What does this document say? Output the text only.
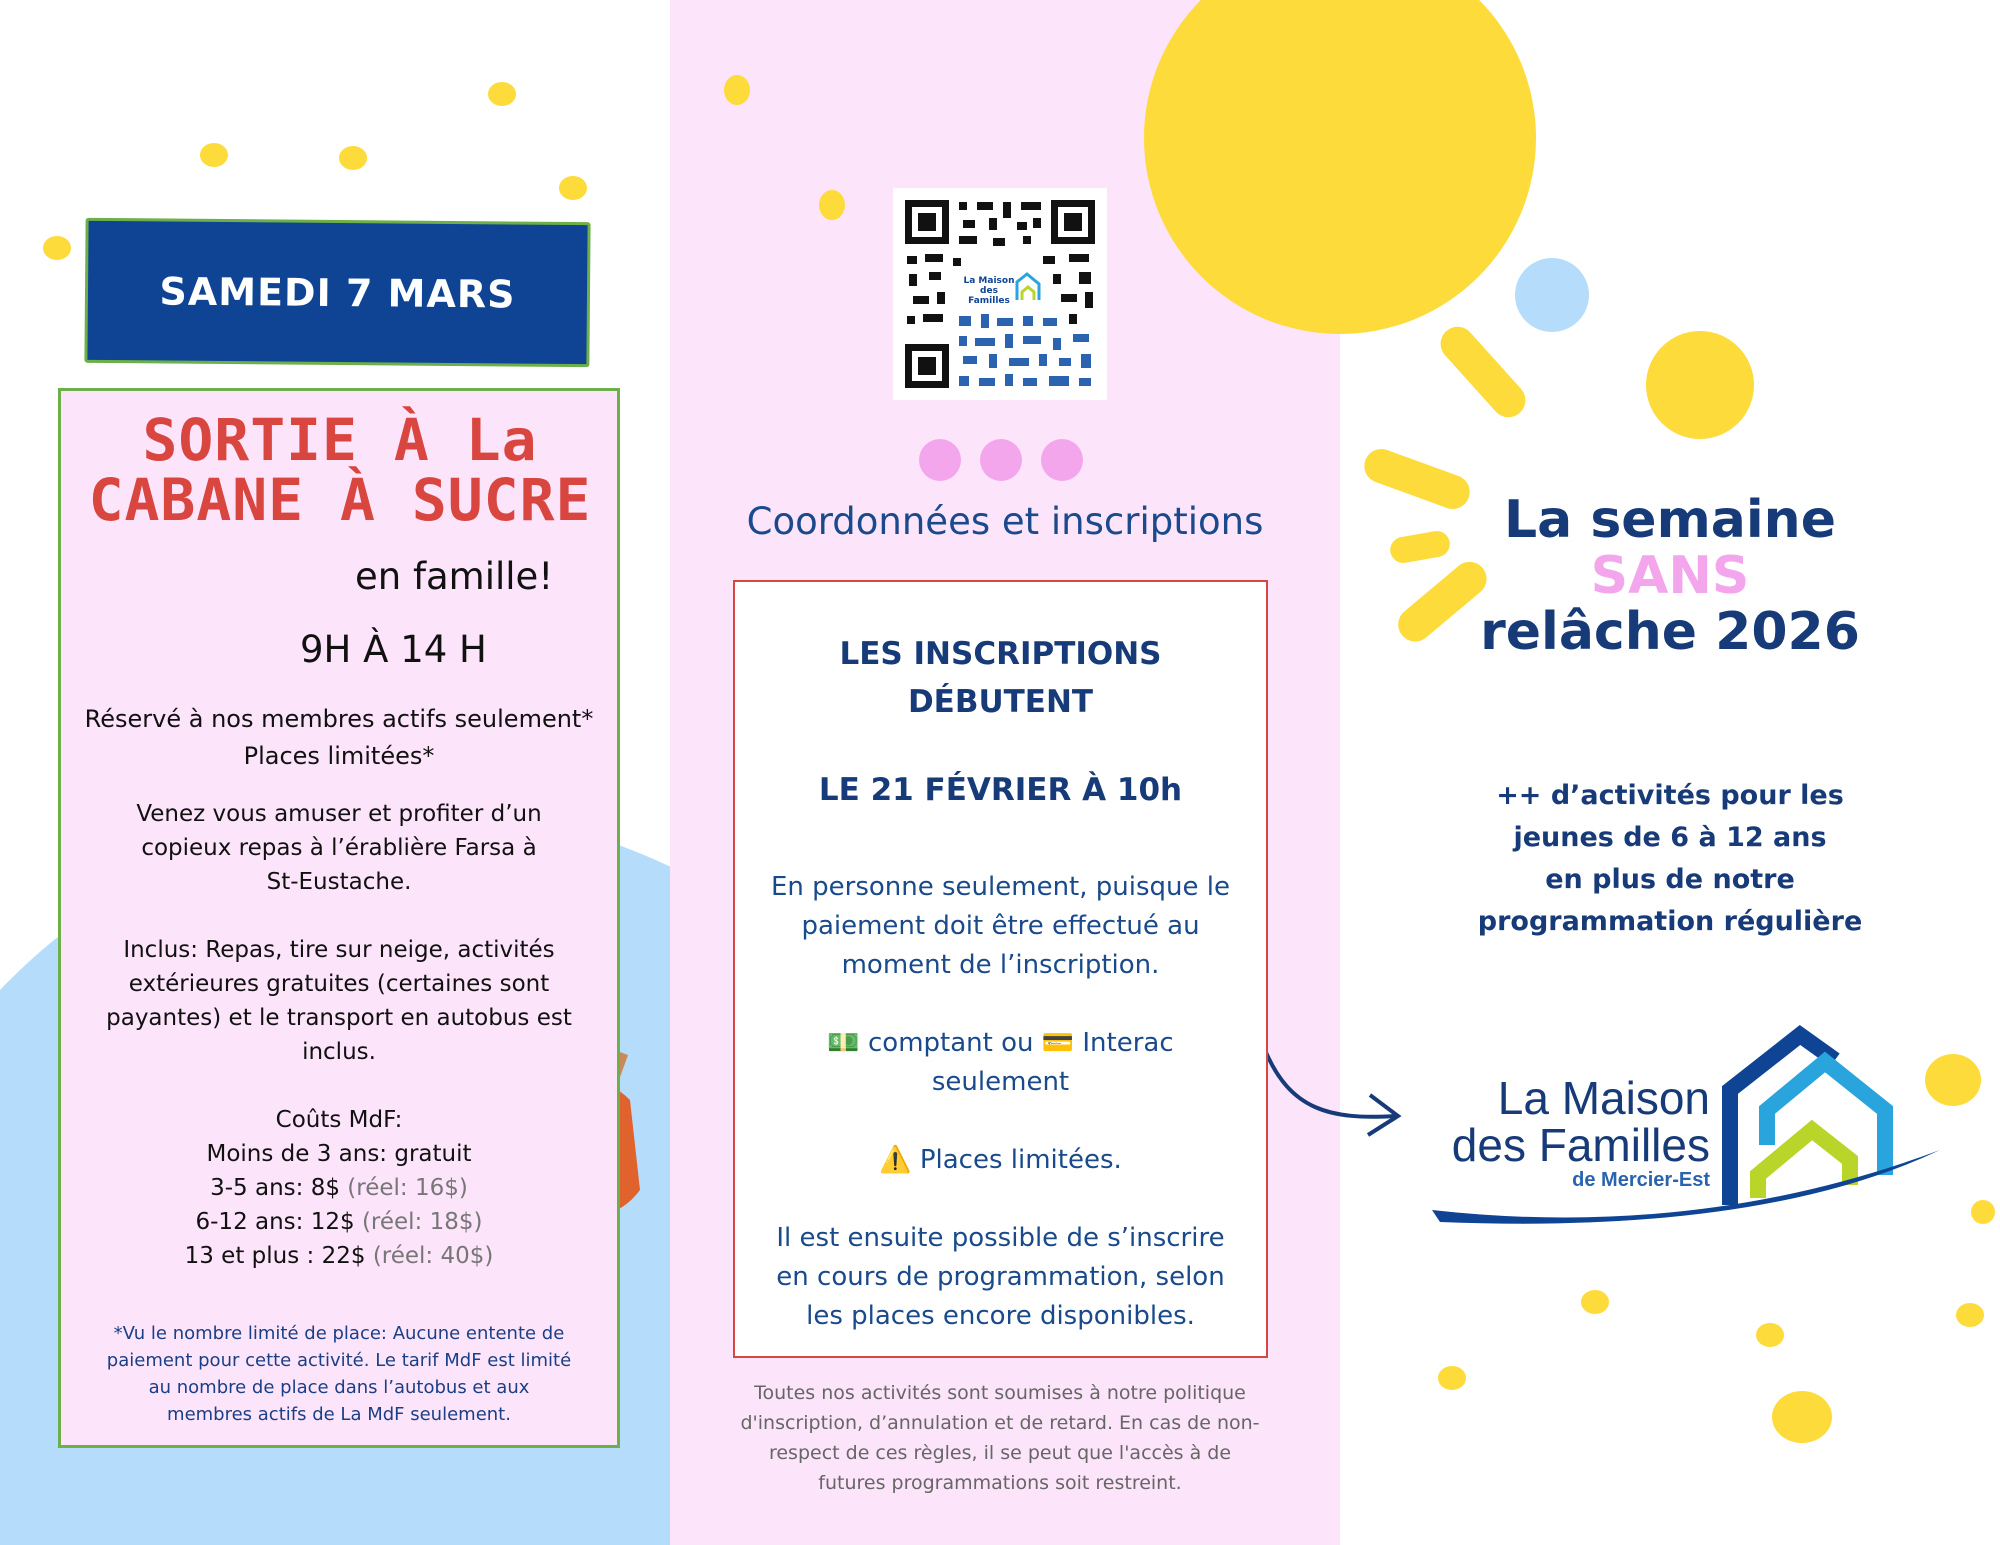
SAMEDI 7 MARS
SORTIE À La
CABANE À SUCRE
en famille!
9H À 14 H
Réservé à nos membres actifs seulement*
Places limitées*
Venez vous amuser et profiter d’un
copieux repas à l’érablière Farsa à
St-Eustache.
Inclus: Repas, tire sur neige, activités
extérieures gratuites (certaines sont
payantes) et le transport en autobus est
inclus.
Coûts MdF:
Moins de 3 ans: gratuit
3-5 ans: 8$ (réel: 16$)
6-12 ans: 12$ (réel: 18$)
13 et plus : 22$ (réel: 40$)
*Vu le nombre limité de place: Aucune entente de
paiement pour cette activité. Le tarif MdF est limité
au nombre de place dans l’autobus et aux
membres actifs de La MdF seulement.
La Maison
des Familles
Coordonnées et inscriptions
LES INSCRIPTIONS
DÉBUTENT
LE 21 FÉVRIER À 10h
En personne seulement, puisque le
paiement doit être effectué au
moment de l’inscription.
💵 comptant ou 💳 Interac
seulement
⚠️ Places limitées.
Il est ensuite possible de s’inscrire
en cours de programmation, selon
les places encore disponibles.
Toutes nos activités sont soumises à notre politique
d'inscription, d’annulation et de retard. En cas de non-
respect de ces règles, il se peut que l'accès à de
futures programmations soit restreint.
La semaine
SANS
relâche 2026
++ d’activités pour les
jeunes de 6 à 12 ans
en plus de notre
programmation régulière
La Maison
des Familles
de Mercier-Est
